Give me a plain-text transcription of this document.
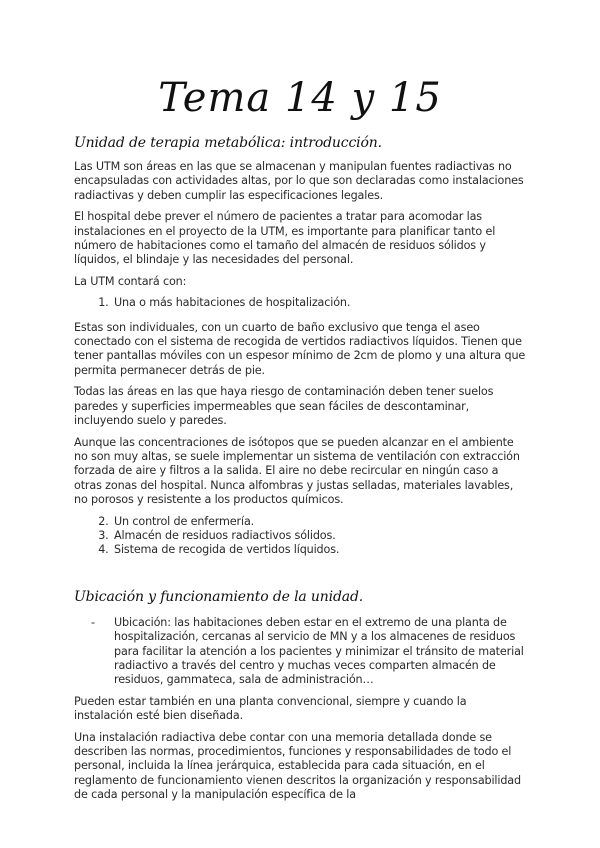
Tema 14 y 15
Unidad de terapia metabólica: introducción.

Las UTM son áreas en las que se almacenan y manipulan fuentes radiactivas no encapsuladas con actividades altas, por lo que son declaradas como instalaciones radiactivas y deben cumplir las especificaciones legales.

El hospital debe prever el número de pacientes a tratar para acomodar las instalaciones en el proyecto de la UTM, es importante para planificar tanto el número de habitaciones como el tamaño del almacén de residuos sólidos y líquidos, el blindaje y las necesidades del personal.

La UTM contará con:

1. Una o más habitaciones de hospitalización.

Estas son individuales, con un cuarto de baño exclusivo que tenga el aseo conectado con el sistema de recogida de vertidos radiactivos líquidos. Tienen que tener pantallas móviles con un espesor mínimo de 2cm de plomo y una altura que permita permanecer detrás de pie.

Todas las áreas en las que haya riesgo de contaminación deben tener suelos paredes y superficies impermeables que sean fáciles de descontaminar, incluyendo suelo y paredes.

Aunque las concentraciones de isótopos que se pueden alcanzar en el ambiente no son muy altas, se suele implementar un sistema de ventilación con extracción forzada de aire y filtros a la salida. El aire no debe recircular en ningún caso a otras zonas del hospital. Nunca alfombras y justas selladas, materiales lavables, no porosos y resistente a los productos químicos.

2. Un control de enfermería.
3. Almacén de residuos radiactivos sólidos.
4. Sistema de recogida de vertidos líquidos.
Ubicación y funcionamiento de la unidad.
-	Ubicación: las habitaciones deben estar en el extremo de una planta de hospitalización, cercanas al servicio de MN y a los almacenes de residuos para facilitar la atención a los pacientes y minimizar el tránsito de material radiactivo a través del centro y muchas veces comparten almacén de residuos, gammateca, sala de administración…

Pueden estar también en una planta convencional, siempre y cuando la instalación esté bien diseñada.

Una instalación radiactiva debe contar con una memoria detallada donde se describen las normas, procedimientos, funciones y responsabilidades de todo el personal, incluida la línea jerárquica, establecida para cada situación, en el reglamento de funcionamiento vienen descritos la organización y responsabilidad de cada personal y la manipulación específica de la
